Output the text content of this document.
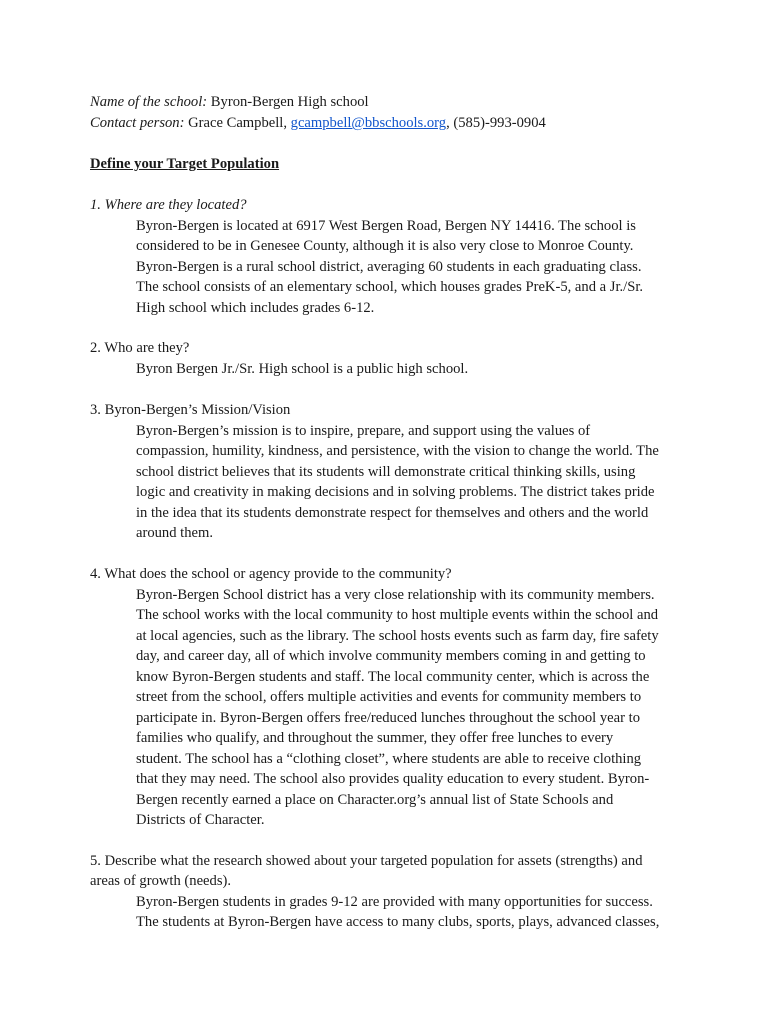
Name of the school: Byron-Bergen High school
Contact person: Grace Campbell, gcampbell@bbschools.org, (585)-993-0904
Define your Target Population
1. Where are they located?
Byron-Bergen is located at 6917 West Bergen Road, Bergen NY 14416. The school is
considered to be in Genesee County, although it is also very close to Monroe County.
Byron-Bergen is a rural school district, averaging 60 students in each graduating class.
The school consists of an elementary school, which houses grades PreK-5, and a Jr./Sr.
High school which includes grades 6-12.
2. Who are they?
Byron Bergen Jr./Sr. High school is a public high school.
3. Byron-Bergen’s Mission/Vision
Byron-Bergen’s mission is to inspire, prepare, and support using the values of
compassion, humility, kindness, and persistence, with the vision to change the world. The
school district believes that its students will demonstrate critical thinking skills, using
logic and creativity in making decisions and in solving problems. The district takes pride
in the idea that its students demonstrate respect for themselves and others and the world
around them.
4. What does the school or agency provide to the community?
Byron-Bergen School district has a very close relationship with its community members.
The school works with the local community to host multiple events within the school and
at local agencies, such as the library. The school hosts events such as farm day, fire safety
day, and career day, all of which involve community members coming in and getting to
know Byron-Bergen students and staff. The local community center, which is across the
street from the school, offers multiple activities and events for community members to
participate in. Byron-Bergen offers free/reduced lunches throughout the school year to
families who qualify, and throughout the summer, they offer free lunches to every
student. The school has a “clothing closet”, where students are able to receive clothing
that they may need. The school also provides quality education to every student. Byron-
Bergen recently earned a place on Character.org’s annual list of State Schools and
Districts of Character.
5. Describe what the research showed about your targeted population for assets (strengths) and
areas of growth (needs).
Byron-Bergen students in grades 9-12 are provided with many opportunities for success.
The students at Byron-Bergen have access to many clubs, sports, plays, advanced classes,
